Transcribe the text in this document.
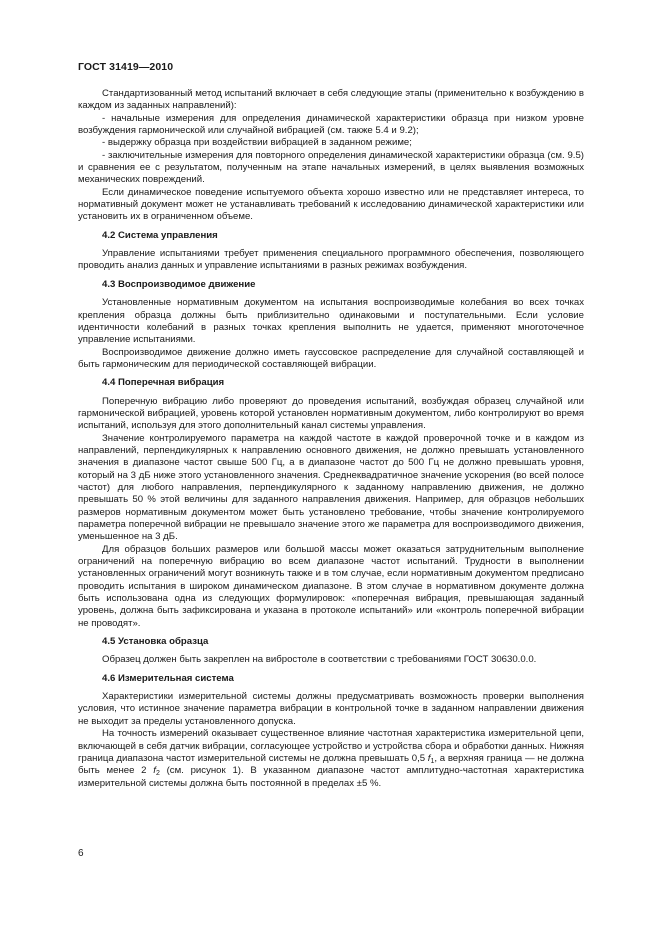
ГОСТ 31419—2010

Стандартизованный метод испытаний включает в себя следующие этапы (применительно к возбуждению в каждом из заданных направлений):

- начальные измерения для определения динамической характеристики образца при низком уровне возбуждения гармонической или случайной вибрацией (см. также 5.4 и 9.2);

- выдержку образца при воздействии вибрацией в заданном режиме;

- заключительные измерения для повторного определения динамической характеристики образца (см. 9.5) и сравнения ее с результатом, полученным на этапе начальных измерений, в целях выявления возможных механических повреждений.

Если динамическое поведение испытуемого объекта хорошо известно или не представляет интереса, то нормативный документ может не устанавливать требований к исследованию динамической характеристики или установить их в ограниченном объеме.

4.2 Система управления

Управление испытаниями требует применения специального программного обеспечения, позволяющего проводить анализ данных и управление испытаниями в разных режимах возбуждения.

4.3 Воспроизводимое движение

Установленные нормативным документом на испытания воспроизводимые колебания во всех точках крепления образца должны быть приблизительно одинаковыми и поступательными. Если условие идентичности колебаний в разных точках крепления выполнить не удается, применяют многоточечное управление испытаниями.

Воспроизводимое движение должно иметь гауссовское распределение для случайной составляющей и быть гармоническим для периодической составляющей вибрации.

4.4 Поперечная вибрация

Поперечную вибрацию либо проверяют до проведения испытаний, возбуждая образец случайной или гармонической вибрацией, уровень которой установлен нормативным документом, либо контролируют во время испытаний, используя для этого дополнительный канал системы управления.

Значение контролируемого параметра на каждой частоте в каждой проверочной точке и в каждом из направлений, перпендикулярных к направлению основного движения, не должно превышать установленного значения в диапазоне частот свыше 500 Гц, а в диапазоне частот до 500 Гц не должно превышать уровня, который на 3 дБ ниже этого установленного значения. Среднеквадратичное значение ускорения (во всей полосе частот) для любого направления, перпендикулярного к заданному направлению движения, не должно превышать 50 % этой величины для заданного направления движения. Например, для образцов небольших размеров нормативным документом может быть установлено требование, чтобы значение контролируемого параметра поперечной вибрации не превышало значение этого же параметра для воспроизводимого движения, уменьшенное на 3 дБ.

Для образцов больших размеров или большой массы может оказаться затруднительным выполнение ограничений на поперечную вибрацию во всем диапазоне частот испытаний. Трудности в выполнении установленных ограничений могут возникнуть также и в том случае, если нормативным документом предписано проводить испытания в широком динамическом диапазоне. В этом случае в нормативном документе должна быть использована одна из следующих формулировок: «поперечная вибрация, превышающая заданный уровень, должна быть зафиксирована и указана в протоколе испытаний» или «контроль поперечной вибрации не проводят».

4.5 Установка образца

Образец должен быть закреплен на вибростоле в соответствии с требованиями ГОСТ 30630.0.0.

4.6 Измерительная система

Характеристики измерительной системы должны предусматривать возможность проверки выполнения условия, что истинное значение параметра вибрации в контрольной точке в заданном направлении движения не выходит за пределы установленного допуска.

На точность измерений оказывает существенное влияние частотная характеристика измерительной цепи, включающей в себя датчик вибрации, согласующее устройство и устройства сбора и обработки данных. Нижняя граница диапазона частот измерительной системы не должна превышать 0,5 $f_1$, а верхняя граница — не должна быть менее 2 $f_2$ (см. рисунок 1). В указанном диапазоне частот амплитудно-частотная характеристика измерительной системы должна быть постоянной в пределах ±5 %.

6
